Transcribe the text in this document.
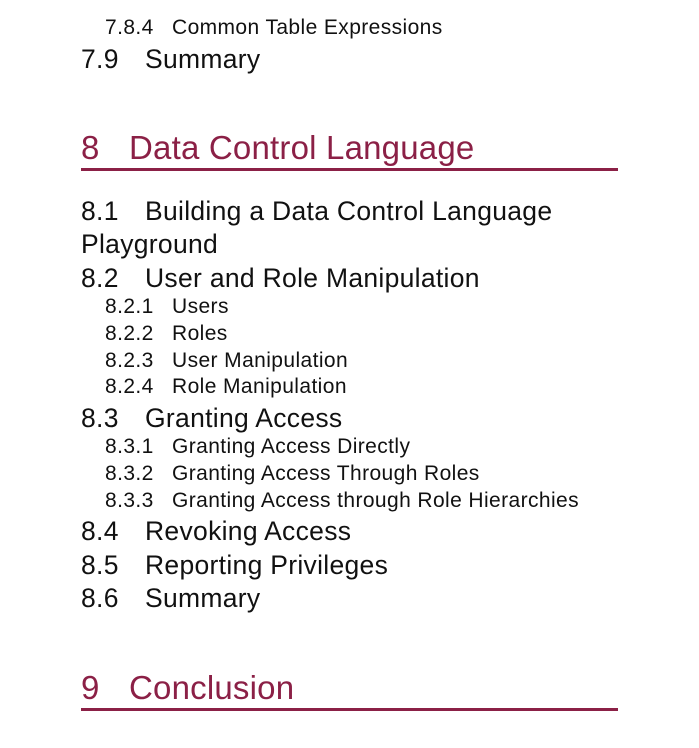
7.8.4 Common Table Expressions
7.9 Summary
8 Data Control Language
8.1 Building a Data Control Language
Playground
8.2 User and Role Manipulation
8.2.1 Users
8.2.2 Roles
8.2.3 User Manipulation
8.2.4 Role Manipulation
8.3 Granting Access
8.3.1 Granting Access Directly
8.3.2 Granting Access Through Roles
8.3.3 Granting Access through Role Hierarchies
8.4 Revoking Access
8.5 Reporting Privileges
8.6 Summary
9 Conclusion
